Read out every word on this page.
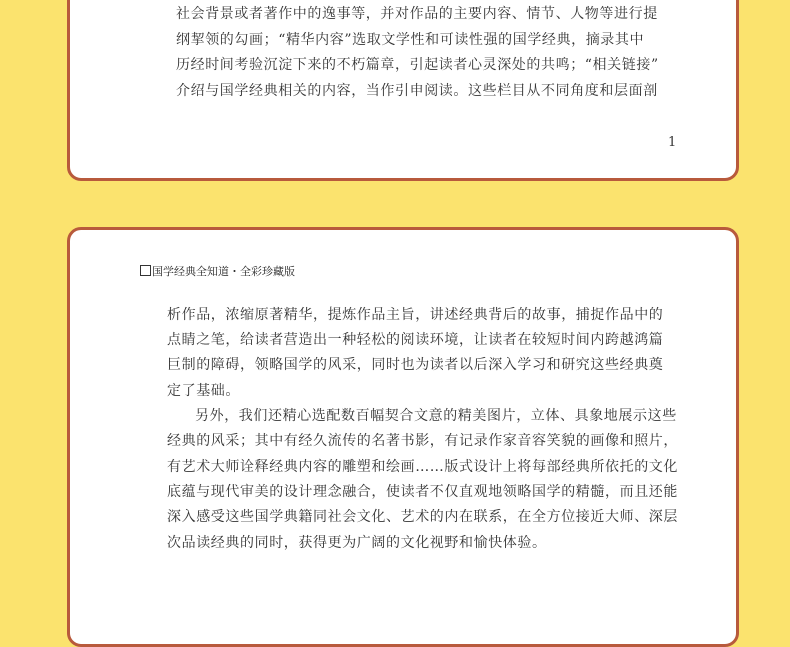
社会背景或者著作中的逸事等，并对作品的主要内容、情节、人物等进行提
纲挈领的勾画；“精华内容”选取文学性和可读性强的国学经典，摘录其中
历经时间考验沉淀下来的不朽篇章，引起读者心灵深处的共鸣；“相关链接”
介绍与国学经典相关的内容，当作引申阅读。这些栏目从不同角度和层面剖
1
国学经典全知道・全彩珍藏版
析作品，浓缩原著精华，提炼作品主旨，讲述经典背后的故事，捕捉作品中的
点睛之笔，给读者营造出一种轻松的阅读环境，让读者在较短时间内跨越鸿篇
巨制的障碍，领略国学的风采，同时也为读者以后深入学习和研究这些经典奠
定了基础。
另外，我们还精心选配数百幅契合文意的精美图片，立体、具象地展示这些
经典的风采；其中有经久流传的名著书影，有记录作家音容笑貌的画像和照片，
有艺术大师诠释经典内容的雕塑和绘画……版式设计上将每部经典所依托的文化
底蕴与现代审美的设计理念融合，使读者不仅直观地领略国学的精髓，而且还能
深入感受这些国学典籍同社会文化、艺术的内在联系，在全方位接近大师、深层
次品读经典的同时，获得更为广阔的文化视野和愉快体验。
